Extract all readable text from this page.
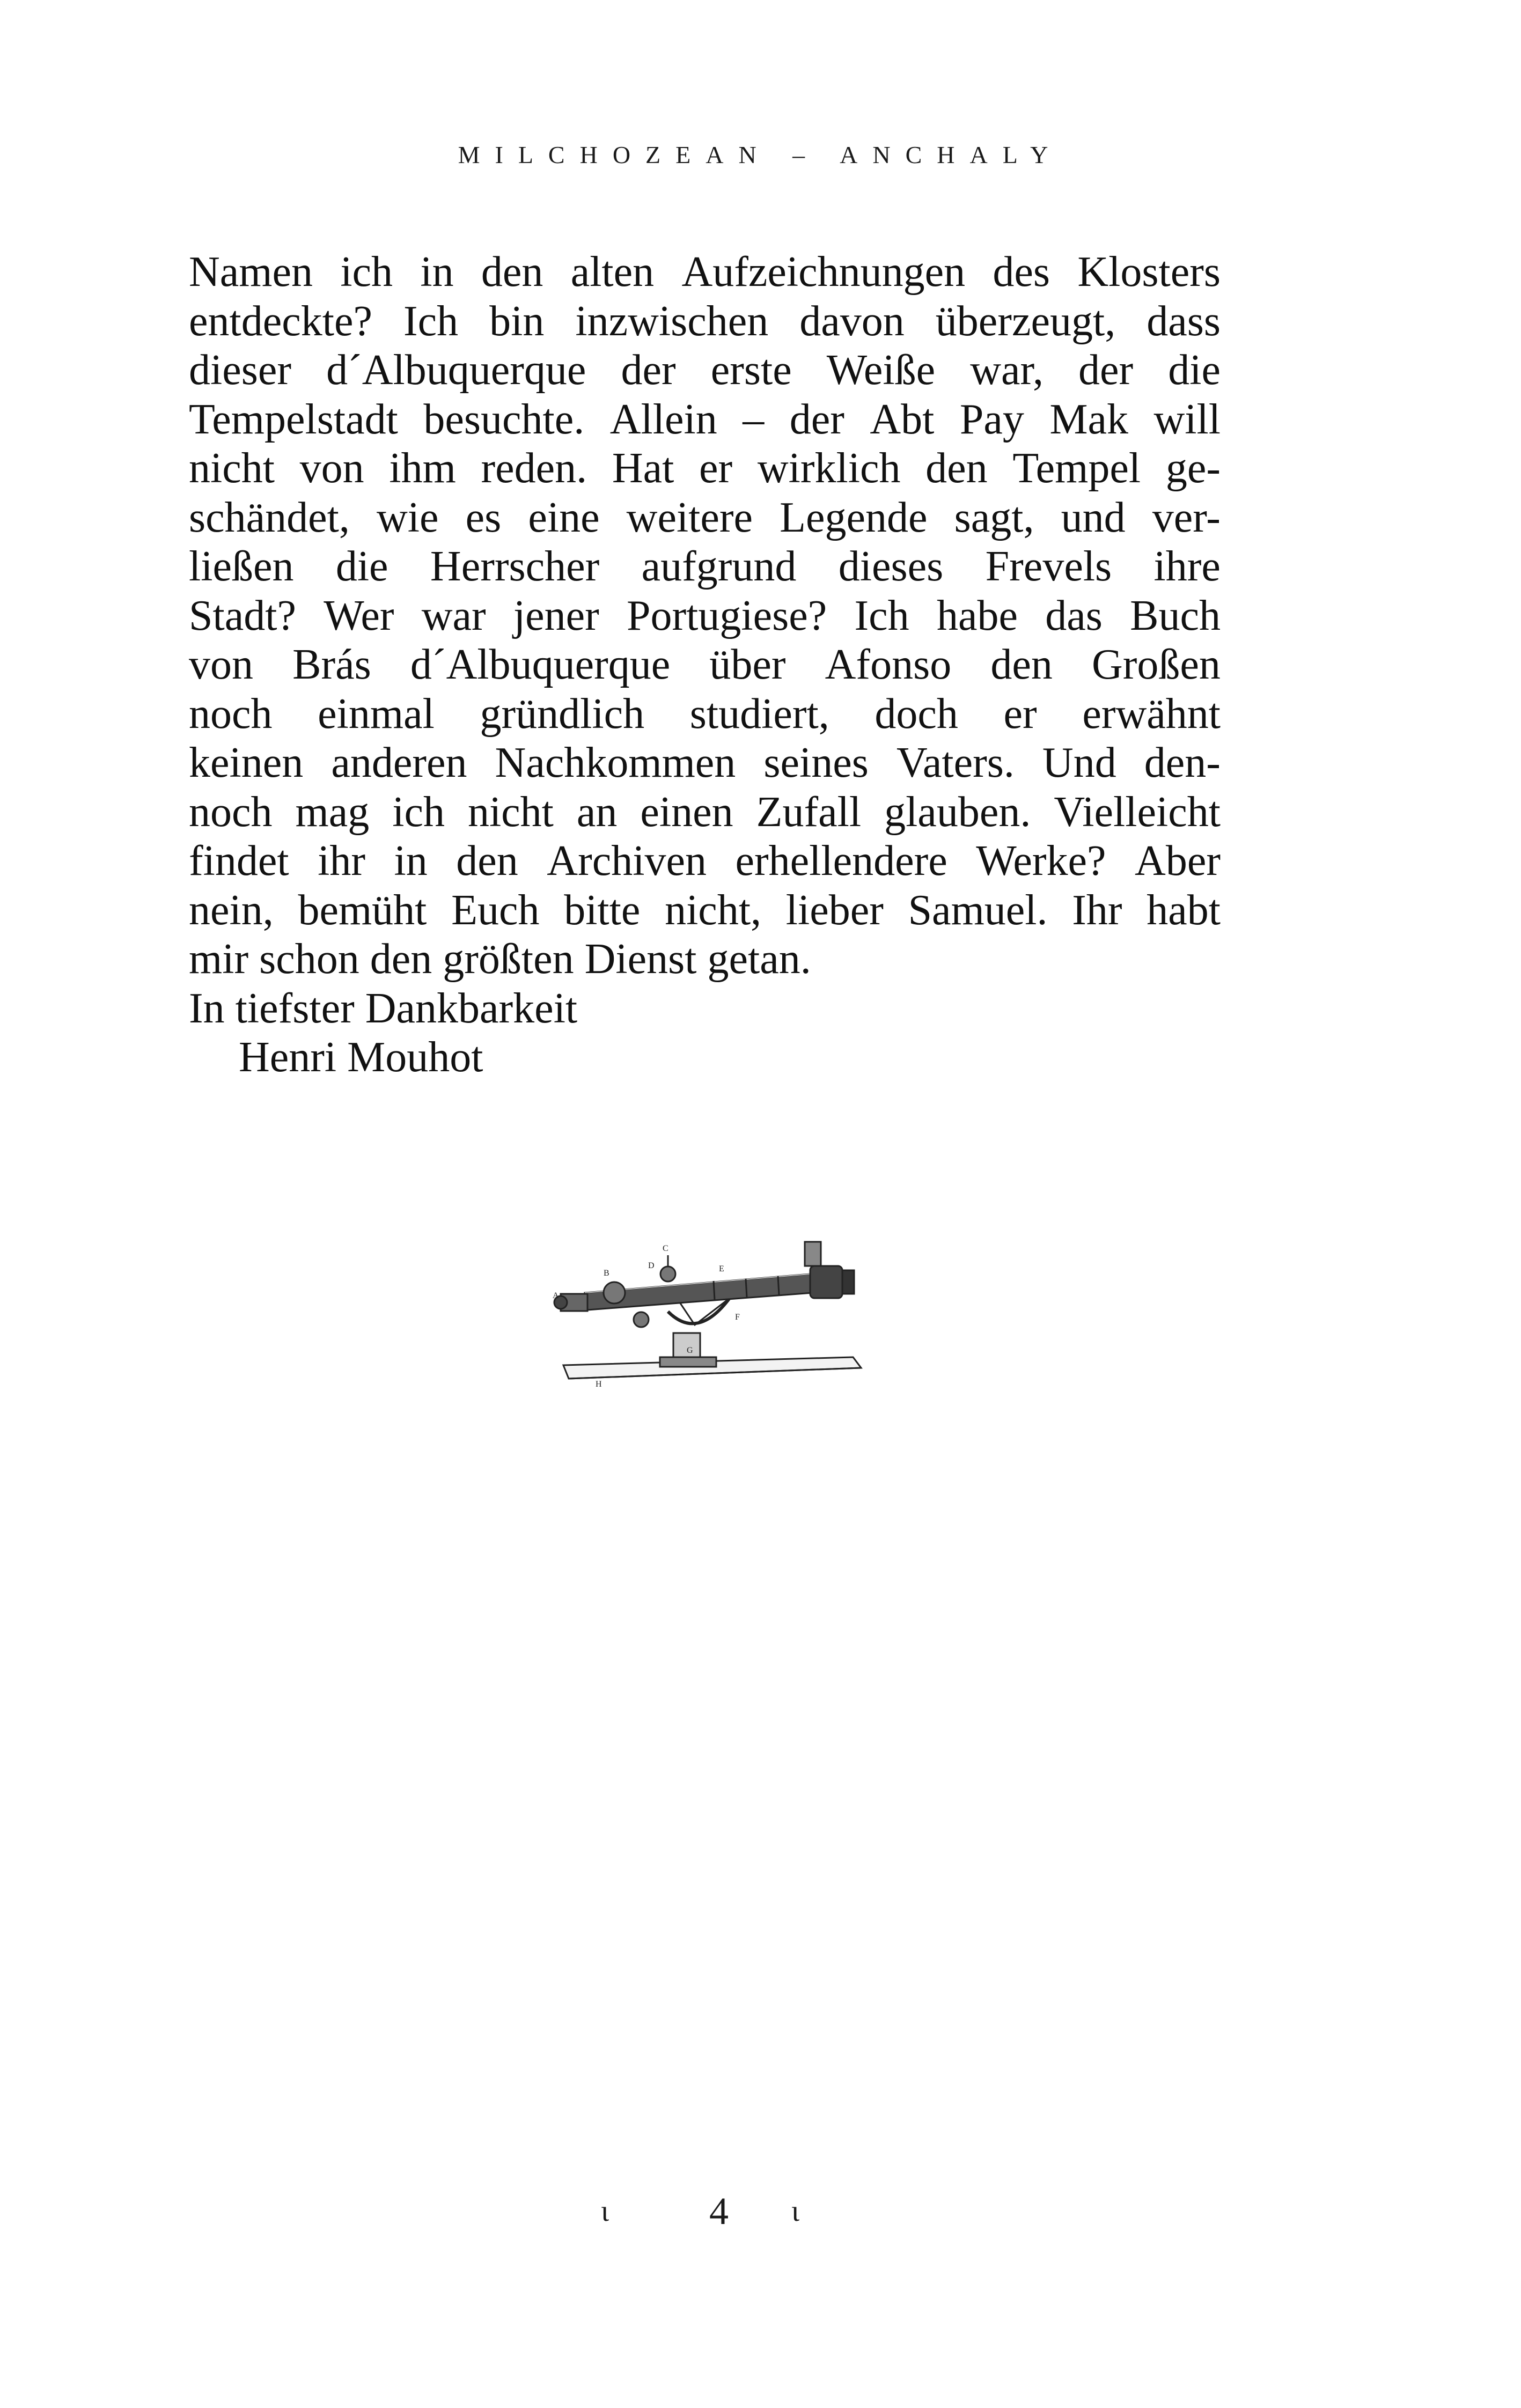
MILCHOZEAN – ANCHALY
Namen ich in den alten Aufzeichnungen des Klosters
entdeckte? Ich bin inzwischen davon überzeugt, dass
dieser d´Albuquerque der erste Weiße war, der die
Tempelstadt besuchte. Allein – der Abt Pay Mak will
nicht von ihm reden. Hat er wirklich den Tempel ge-
schändet, wie es eine weitere Legende sagt, und ver-
ließen die Herrscher aufgrund dieses Frevels ihre
Stadt? Wer war jener Portugiese? Ich habe das Buch
von Brás d´Albuquerque über Afonso den Großen
noch einmal gründlich studiert, doch er erwähnt
keinen anderen Nachkommen seines Vaters. Und den-
noch mag ich nicht an einen Zufall glauben. Vielleicht
findet ihr in den Archiven erhellendere Werke? Aber
nein, bemüht Euch bitte nicht, lieber Samuel. Ihr habt
mir schon den größten Dienst getan.
In tiefster Dankbarkeit
Henri Mouhot
A
B
C
D	E
F
G
H
ɩ	4	ɩ
